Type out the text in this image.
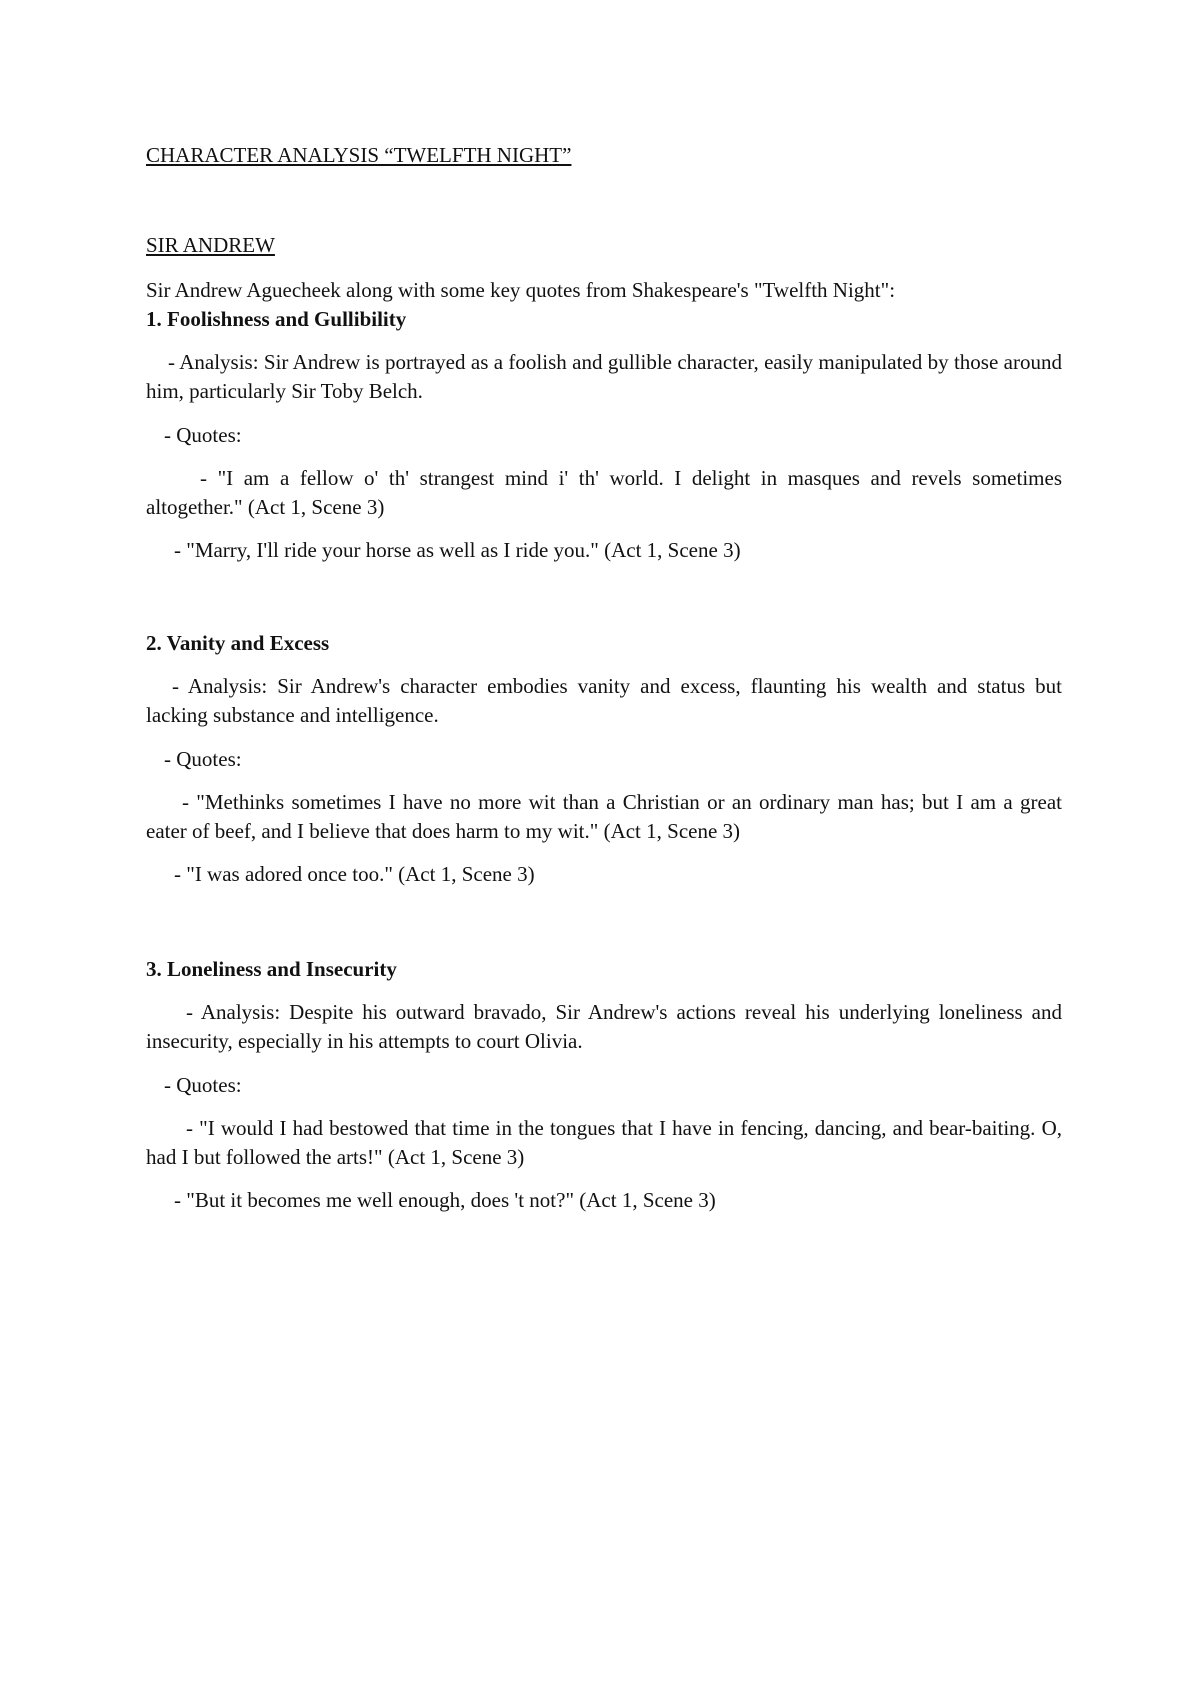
CHARACTER ANALYSIS “TWELFTH NIGHT”
SIR ANDREW
Sir Andrew Aguecheek along with some key quotes from Shakespeare's "Twelfth Night":
1. Foolishness and Gullibility
- Analysis: Sir Andrew is portrayed as a foolish and gullible character, easily manipulated by those around him, particularly Sir Toby Belch.
- Quotes:
- "I am a fellow o' th' strangest mind i' th' world. I delight in masques and revels sometimes altogether." (Act 1, Scene 3)
- "Marry, I'll ride your horse as well as I ride you." (Act 1, Scene 3)
2. Vanity and Excess
- Analysis: Sir Andrew's character embodies vanity and excess, flaunting his wealth and status but lacking substance and intelligence.
- Quotes:
- "Methinks sometimes I have no more wit than a Christian or an ordinary man has; but I am a great eater of beef, and I believe that does harm to my wit." (Act 1, Scene 3)
- "I was adored once too." (Act 1, Scene 3)
3. Loneliness and Insecurity
- Analysis: Despite his outward bravado, Sir Andrew's actions reveal his underlying loneliness and insecurity, especially in his attempts to court Olivia.
- Quotes:
- "I would I had bestowed that time in the tongues that I have in fencing, dancing, and bear-baiting. O, had I but followed the arts!" (Act 1, Scene 3)
- "But it becomes me well enough, does 't not?" (Act 1, Scene 3)
